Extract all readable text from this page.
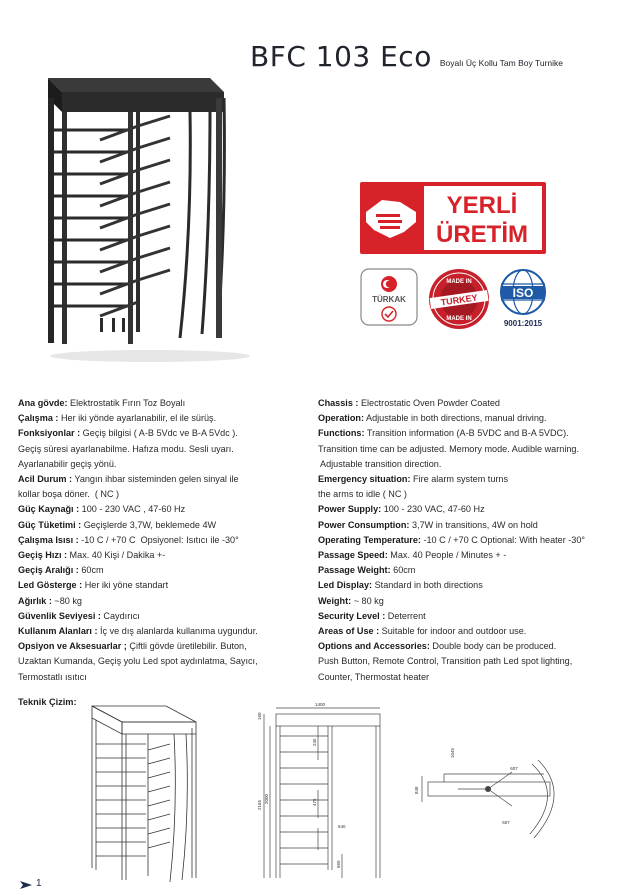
BFC 103 Eco Boyalı Üç Kollu Tam Boy Turnike
YERLİ
ÜRETİM
TÜRKAK
MADE IN
TURKEY
MADE IN
ISO
9001:2015
Ana gövde: Elektrostatik Fırın Toz Boyalı
Çalışma : Her iki yönde ayarlanabilir, el ile sürüş.
Fonksiyonlar : Geçiş bilgisi ( A-B 5Vdc ve B-A 5Vdc ).
Geçiş süresi ayarlanabilme. Hafıza modu. Sesli uyarı.
Ayarlanabilir geçiş yönü.
Acil Durum : Yangın ihbar sisteminden gelen sinyal ile
kollar boşa döner.  ( NC )
Güç Kaynağı : 100 - 230 VAC , 47-60 Hz
Güç Tüketimi : Geçişlerde 3,7W, beklemede 4W
Çalışma Isısı : -10 C / +70 C  Opsiyonel: Isıtıcı ile -30°
Geçiş Hızı : Max. 40 Kişi / Dakika +-
Geçiş Aralığı : 60cm
Led Gösterge : Her iki yöne standart
Ağırlık : ~80 kg
Güvenlik Seviyesi : Caydırıcı
Kullanım Alanları : İç ve dış alanlarda kullanıma uygundur.
Opsiyon ve Aksesuarlar ; Çiftli gövde üretilebilir. Buton,
Uzaktan Kumanda, Geçiş yolu Led spot aydınlatma, Sayıcı,
Termostatlı ısıtıcı
Chassis : Electrostatic Oven Powder Coated
Operation: Adjustable in both directions, manual driving.
Functions: Transition information (A-B 5VDC and B-A 5VDC).
Transition time can be adjusted. Memory mode. Audible warning.
Adjustable transition direction.
Emergency situation: Fire alarm system turns
the arms to idle ( NC )
Power Supply: 100 - 230 VAC, 47-60 Hz
Power Consumption: 3,7W in transitions, 4W on hold
Operating Temperature: -10 C / +70 C Optional: With heater -30°
Passage Speed: Max. 40 People / Minutes + -
Passage Weight: 60cm
Led Display: Standard in both directions
Weight: ~ 80 kg
Security Level : Deterrent
Areas of Use : Suitable for indoor and outdoor use.
Options and Accessories: Double body can be produced.
Push Button, Remote Control, Transition path Led spot lighting,
Counter, Thermostat heater
Teknik Çizim:	1400
160
2165
2000
245
475
540
660
1045
607
607
848
1
